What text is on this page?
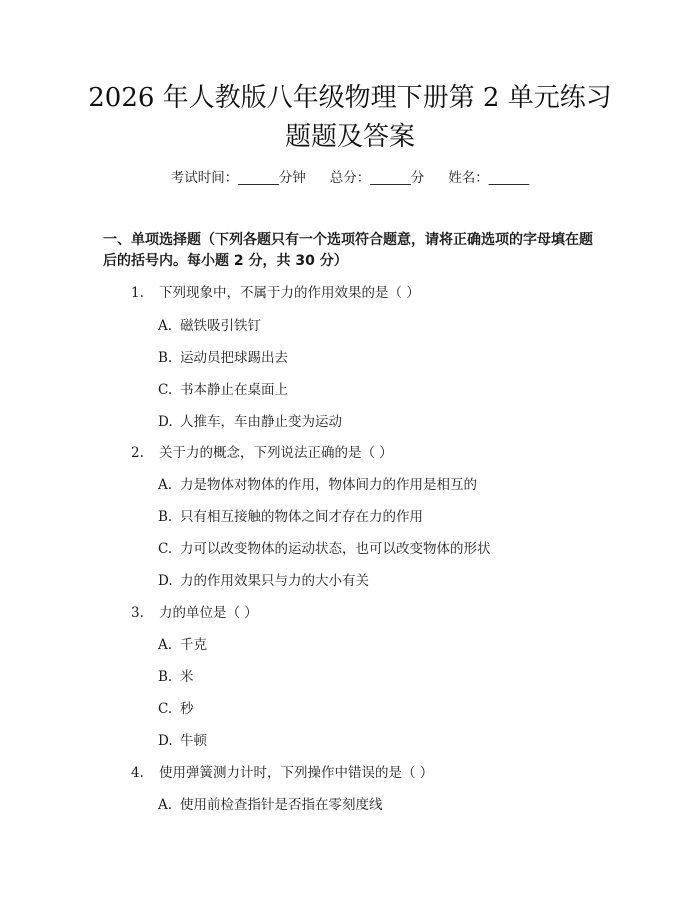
2026 年人教版八年级物理下册第 2 单元练习
题题及答案
考试时间：______分钟 总分：______分 姓名：______
一、单项选择题（下列各题只有一个选项符合题意，请将正确选项的字母填在题
后的括号内。每小题 2 分，共 30 分）
1. 下列现象中，不属于力的作用效果的是（ ）
A. 磁铁吸引铁钉
B. 运动员把球踢出去
C. 书本静止在桌面上
D. 人推车，车由静止变为运动
2. 关于力的概念，下列说法正确的是（ ）
A. 力是物体对物体的作用，物体间力的作用是相互的
B. 只有相互接触的物体之间才存在力的作用
C. 力可以改变物体的运动状态，也可以改变物体的形状
D. 力的作用效果只与力的大小有关
3. 力的单位是（ ）
A. 千克
B. 米
C. 秒
D. 牛顿
4. 使用弹簧测力计时，下列操作中错误的是（ ）
A. 使用前检查指针是否指在零刻度线
